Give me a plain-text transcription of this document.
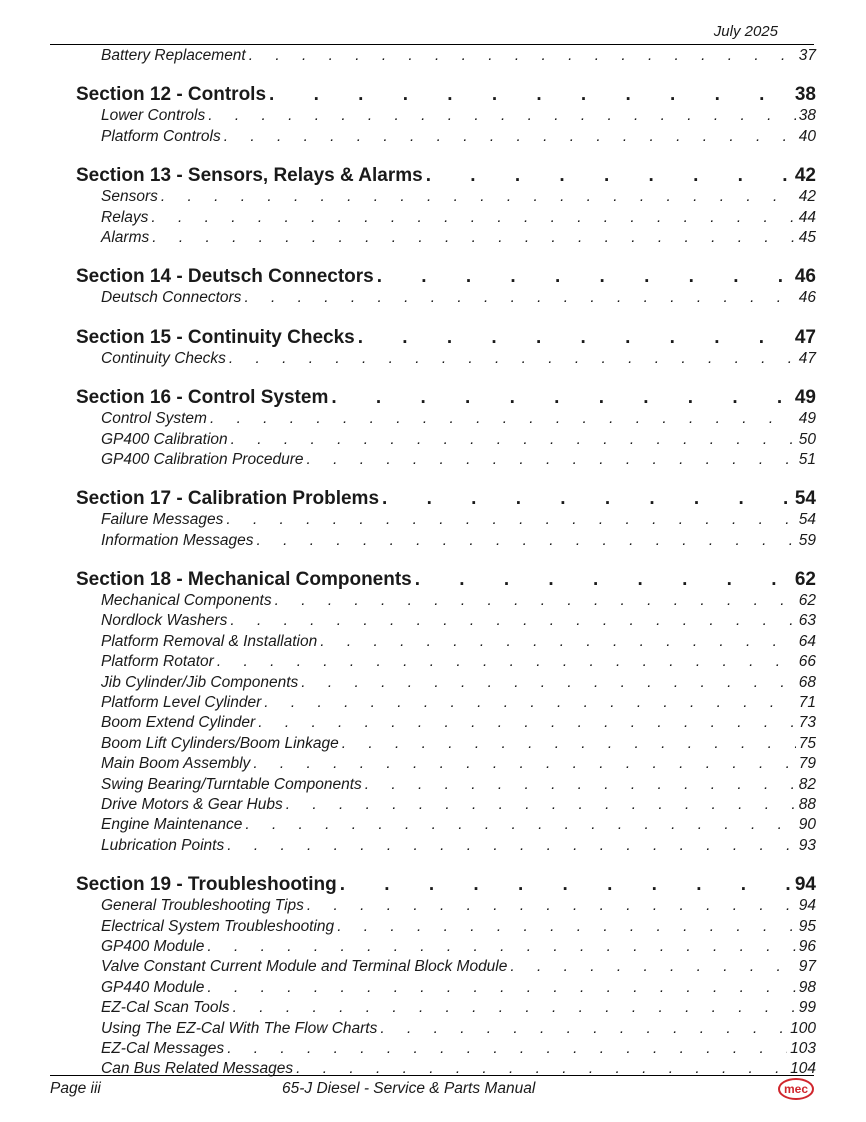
July 2025
Battery Replacement . . .	37
Section 12 - Controls . . .	38
Lower Controls . . .	38
Platform Controls . . .	40
Section 13 - Sensors, Relays & Alarms . . .	42
Sensors . . .	42
Relays . . .	44
Alarms . . .	45
Section 14 - Deutsch Connectors . . .	46
Deutsch Connectors . . .	46
Section 15 - Continuity Checks . . .	47
Continuity Checks . . .	47
Section 16 - Control System . . .	49
Control System . . .	49
GP400 Calibration . . .	50
GP400 Calibration Procedure . . .	51
Section 17 - Calibration Problems . . .	54
Failure Messages . . .	54
Information Messages . . .	59
Section 18 - Mechanical Components . . .	62
Mechanical Components . . .	62
Nordlock Washers . . .	63
Platform Removal & Installation . . .	64
Platform Rotator . . .	66
Jib Cylinder/Jib Components . . .	68
Platform Level Cylinder . . .	71
Boom Extend Cylinder . . .	73
Boom Lift Cylinders/Boom Linkage . . .	75
Main Boom Assembly . . .	79
Swing Bearing/Turntable Components . . .	82
Drive Motors & Gear Hubs . . .	88
Engine Maintenance . . .	90
Lubrication Points . . .	93
Section 19 - Troubleshooting . . .	94
General Troubleshooting Tips . . .	94
Electrical System Troubleshooting . . .	95
GP400 Module . . .	96
Valve Constant Current Module and Terminal Block Module . . .	97
GP440 Module . . .	98
EZ-Cal Scan Tools . . .	99
Using The EZ-Cal With The Flow Charts . . .	100
EZ-Cal Messages . . .	103
Can Bus Related Messages . . .	104
Page iii	65-J Diesel - Service & Parts Manual	mec
